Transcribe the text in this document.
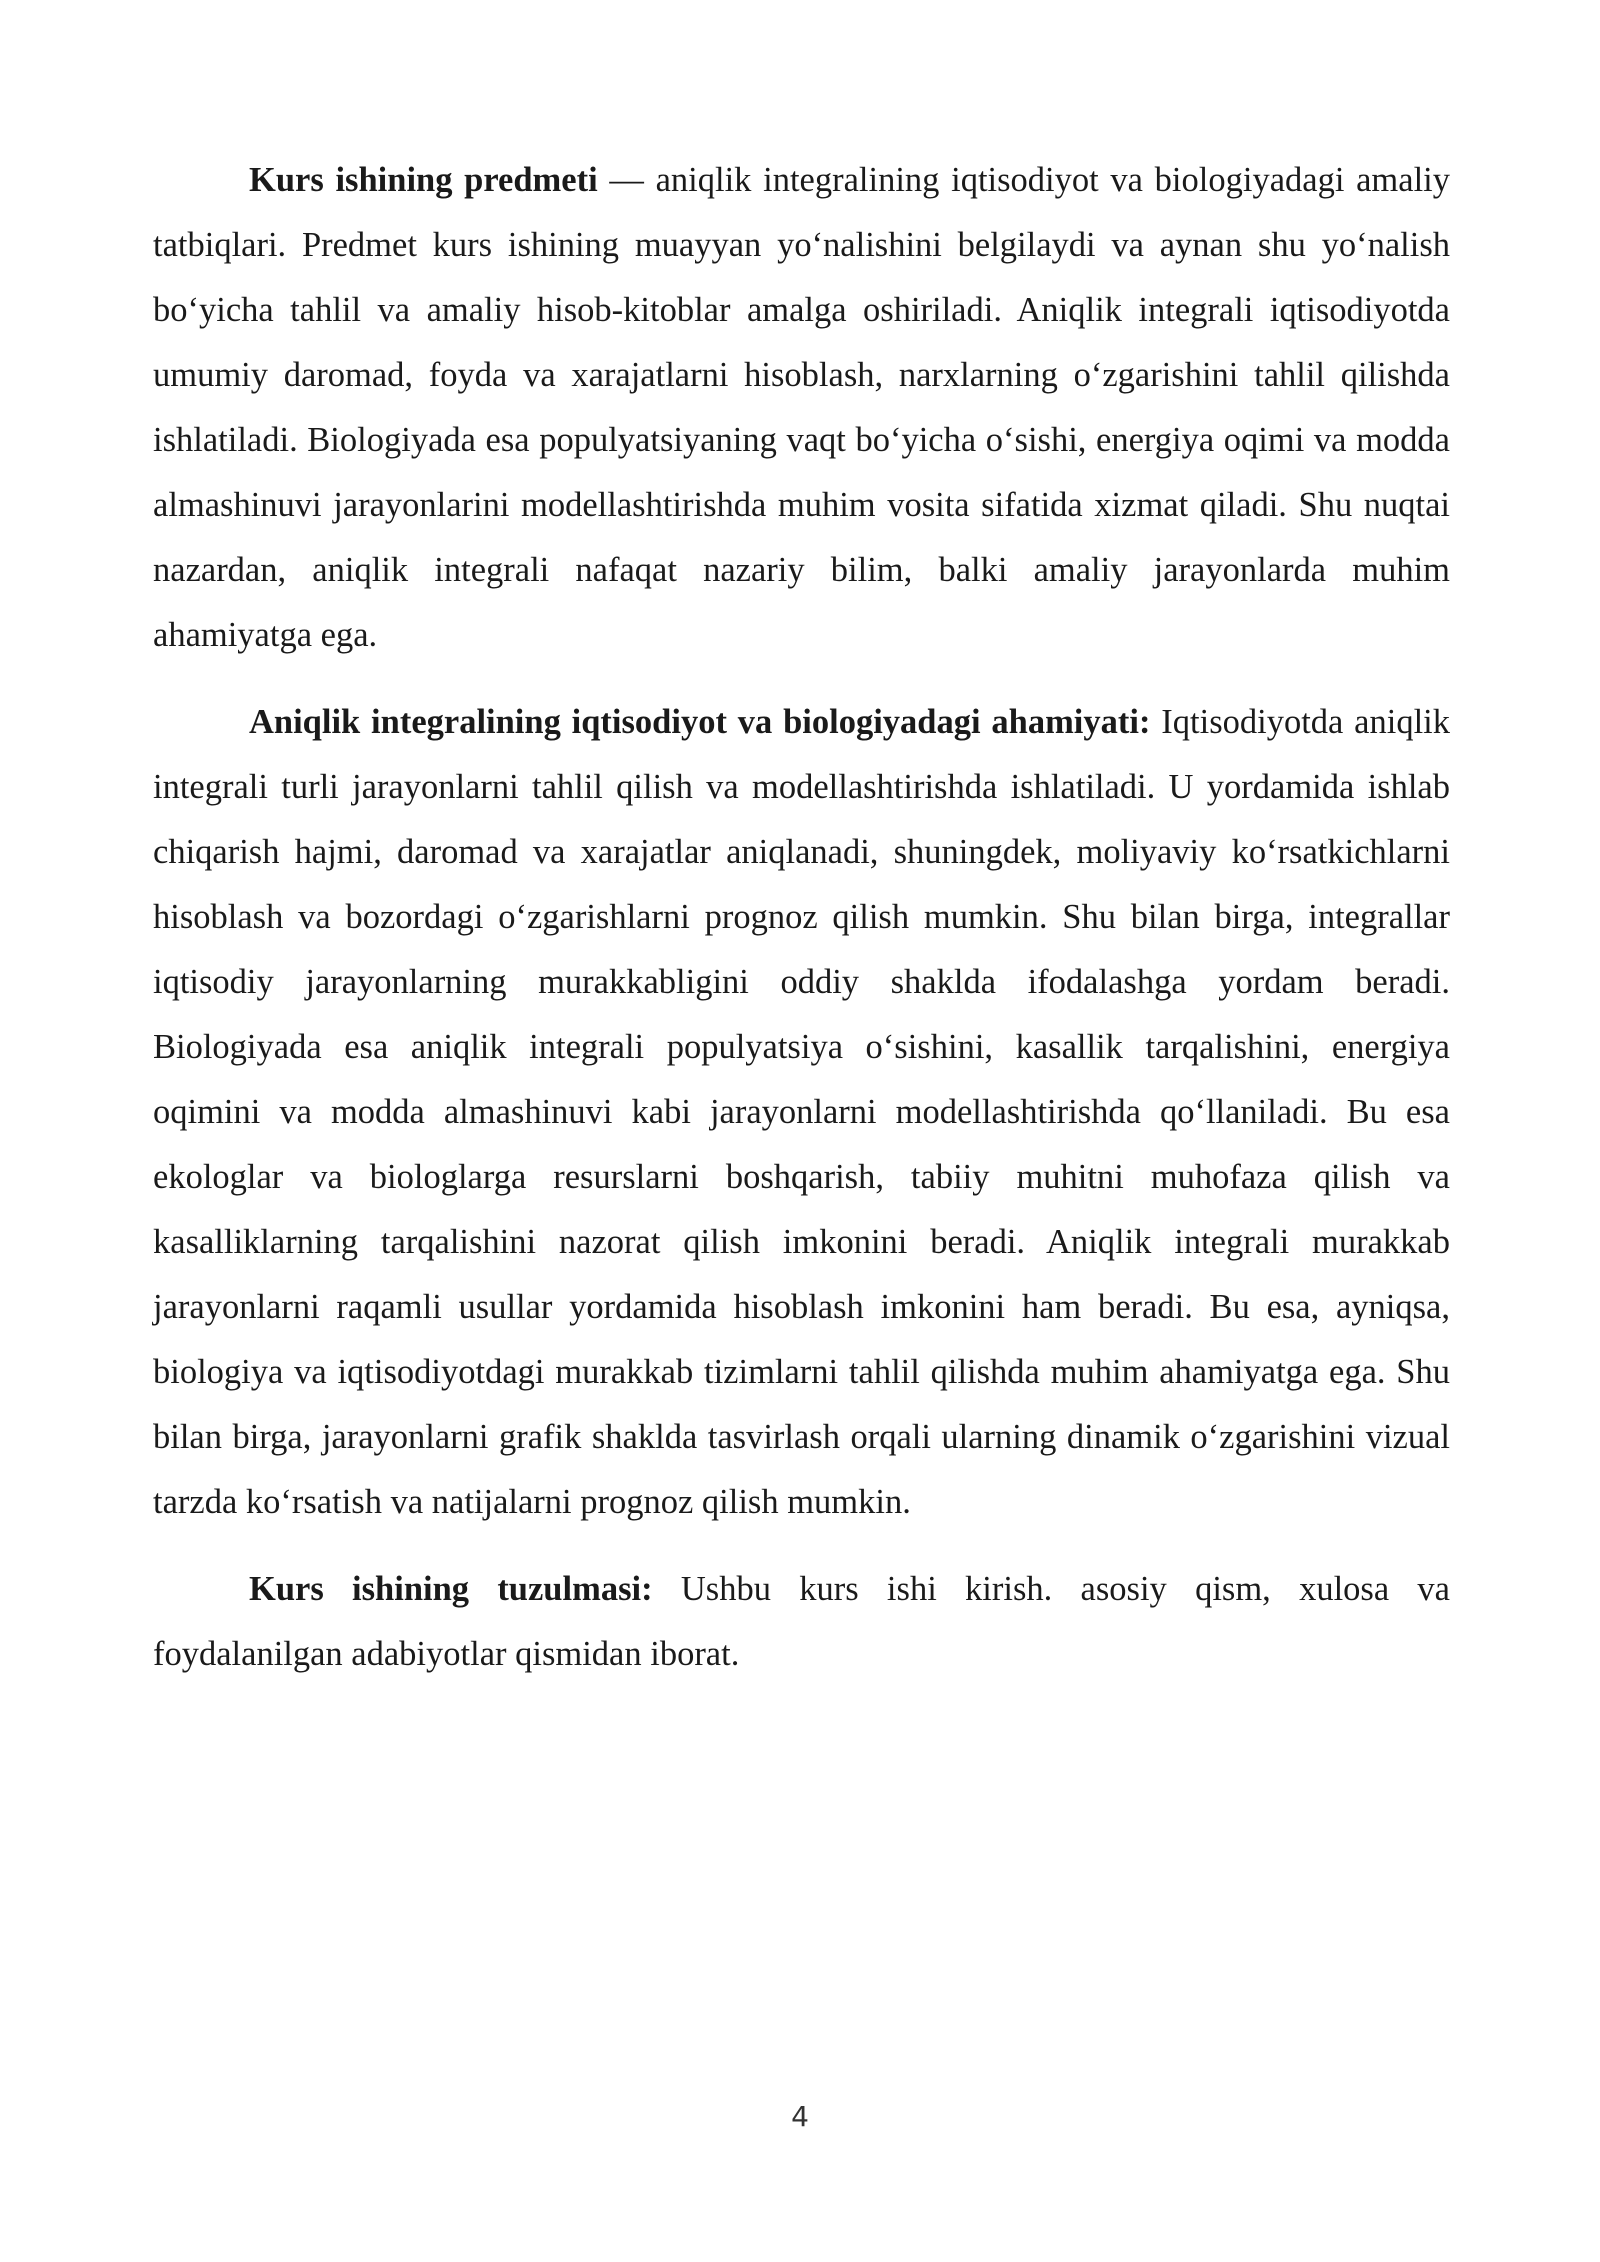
Kurs ishining predmeti — aniqlik integralining iqtisodiyot va biologiyadagi amaliy tatbiqlari. Predmet kurs ishining muayyan yoʻnalishini belgilaydi va aynan shu yoʻnalish boʻyicha tahlil va amaliy hisob-kitoblar amalga oshiriladi. Aniqlik integrali iqtisodiyotda umumiy daromad, foyda va xarajatlarni hisoblash, narxlarning oʻzgarishini tahlil qilishda ishlatiladi. Biologiyada esa populyatsiyaning vaqt boʻyicha oʻsishi, energiya oqimi va modda almashinuvi jarayonlarini modellashtirishda muhim vosita sifatida xizmat qiladi. Shu nuqtai nazardan, aniqlik integrali nafaqat nazariy bilim, balki amaliy jarayonlarda muhim ahamiyatga ega.

Aniqlik integralining iqtisodiyot va biologiyadagi ahamiyati: Iqtisodiyotda aniqlik integrali turli jarayonlarni tahlil qilish va modellashtirishda ishlatiladi. U yordamida ishlab chiqarish hajmi, daromad va xarajatlar aniqlanadi, shuningdek, moliyaviy koʻrsatkichlarni hisoblash va bozordagi oʻzgarishlarni prognoz qilish mumkin. Shu bilan birga, integrallar iqtisodiy jarayonlarning murakkabligini oddiy shaklda ifodalashga yordam beradi. Biologiyada esa aniqlik integrali populyatsiya oʻsishini, kasallik tarqalishini, energiya oqimini va modda almashinuvi kabi jarayonlarni modellashtirishda qoʻllaniladi. Bu esa ekologlar va biologlarga resurslarni boshqarish, tabiiy muhitni muhofaza qilish va kasalliklarning tarqalishini nazorat qilish imkonini beradi. Aniqlik integrali murakkab jarayonlarni raqamli usullar yordamida hisoblash imkonini ham beradi. Bu esa, ayniqsa, biologiya va iqtisodiyotdagi murakkab tizimlarni tahlil qilishda muhim ahamiyatga ega. Shu bilan birga, jarayonlarni grafik shaklda tasvirlash orqali ularning dinamik oʻzgarishini vizual tarzda koʻrsatish va natijalarni prognoz qilish mumkin.

Kurs ishining tuzulmasi: Ushbu kurs ishi kirish. asosiy qism, xulosa va foydalanilgan adabiyotlar qismidan iborat.

4
